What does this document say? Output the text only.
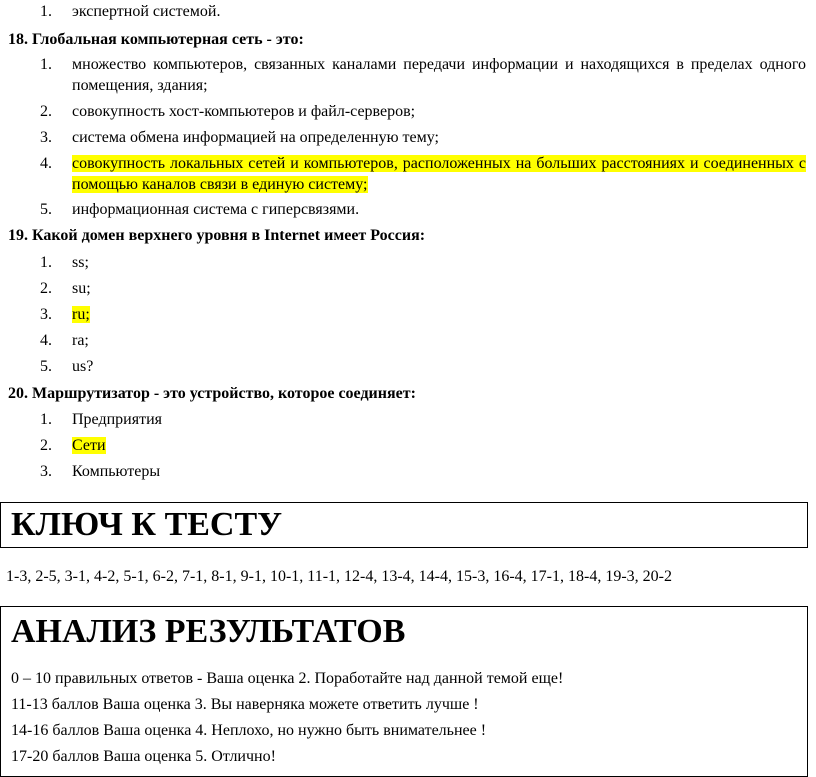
1.	экспертной системой.
18. Глобальная компьютерная сеть - это:
1.	множество компьютеров, связанных каналами передачи информации и находящихся в пределах одного помещения, здания;
2.	совокупность хост-компьютеров и файл-серверов;
3.	система обмена информацией на определенную тему;
4.	совокупность локальных сетей и компьютеров, расположенных на больших расстояниях и соединенных с помощью каналов связи в единую систему;
5.	информационная система с гиперсвязями.
19. Какой домен верхнего уровня в Internet имеет Россия:
1.	ss;
2.	su;
3.	ru;
4.	ra;
5.	us?
20. Маршрутизатор - это устройство, которое соединяет:
1.	Предприятия
2.	Сети
3.	Компьютеры
КЛЮЧ К ТЕСТУ
1-3, 2-5, 3-1, 4-2, 5-1, 6-2, 7-1, 8-1, 9-1, 10-1, 11-1, 12-4, 13-4, 14-4, 15-3, 16-4, 17-1, 18-4, 19-3, 20-2
АНАЛИЗ РЕЗУЛЬТАТОВ
0 – 10 правильных ответов - Ваша оценка 2. Поработайте над данной темой еще!
11-13 баллов Ваша оценка 3. Вы наверняка можете ответить лучше !
14-16 баллов Ваша оценка 4. Неплохо, но нужно быть внимательнее !
17-20 баллов Ваша оценка 5. Отлично!
